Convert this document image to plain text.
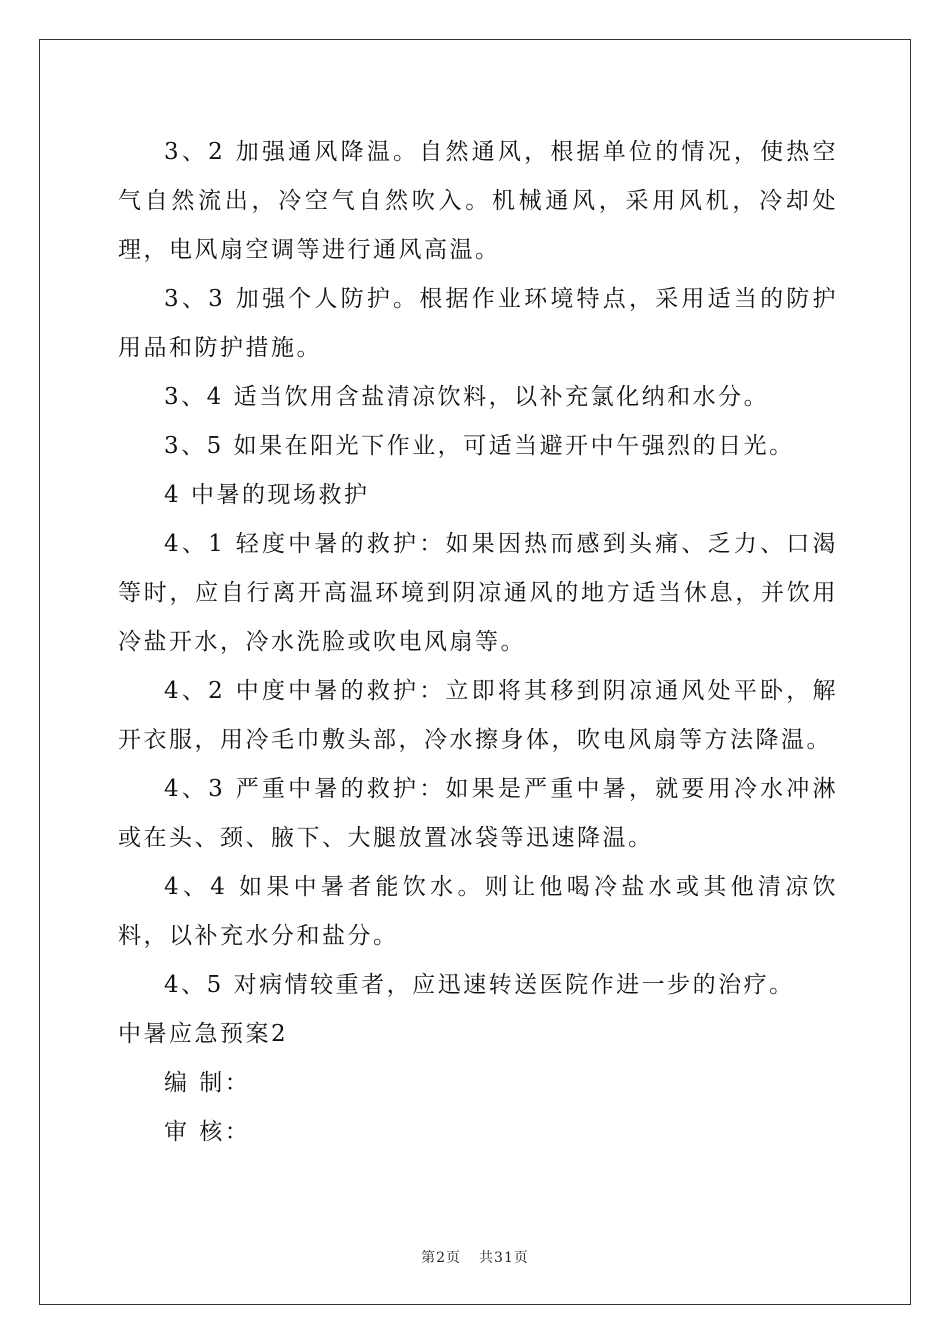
3、2 加强通风降温。自然通风，根据单位的情况，使热空气自然流出，冷空气自然吹入。机械通风，采用风机，冷却处理，电风扇空调等进行通风高温。

3、3 加强个人防护。根据作业环境特点，采用适当的防护用品和防护措施。

3、4 适当饮用含盐清凉饮料，以补充氯化纳和水分。

3、5 如果在阳光下作业，可适当避开中午强烈的日光。

4 中暑的现场救护

4、1 轻度中暑的救护：如果因热而感到头痛、乏力、口渴等时，应自行离开高温环境到阴凉通风的地方适当休息，并饮用冷盐开水，冷水洗脸或吹电风扇等。

4、2 中度中暑的救护：立即将其移到阴凉通风处平卧，解开衣服，用冷毛巾敷头部，冷水擦身体，吹电风扇等方法降温。

4、3 严重中暑的救护：如果是严重中暑，就要用冷水冲淋或在头、颈、腋下、大腿放置冰袋等迅速降温。

4、4 如果中暑者能饮水。则让他喝冷盐水或其他清凉饮料，以补充水分和盐分。

4、5 对病情较重者，应迅速转送医院作进一步的治疗。

中暑应急预案2

编 制：

审 核：

第2页 共31页
